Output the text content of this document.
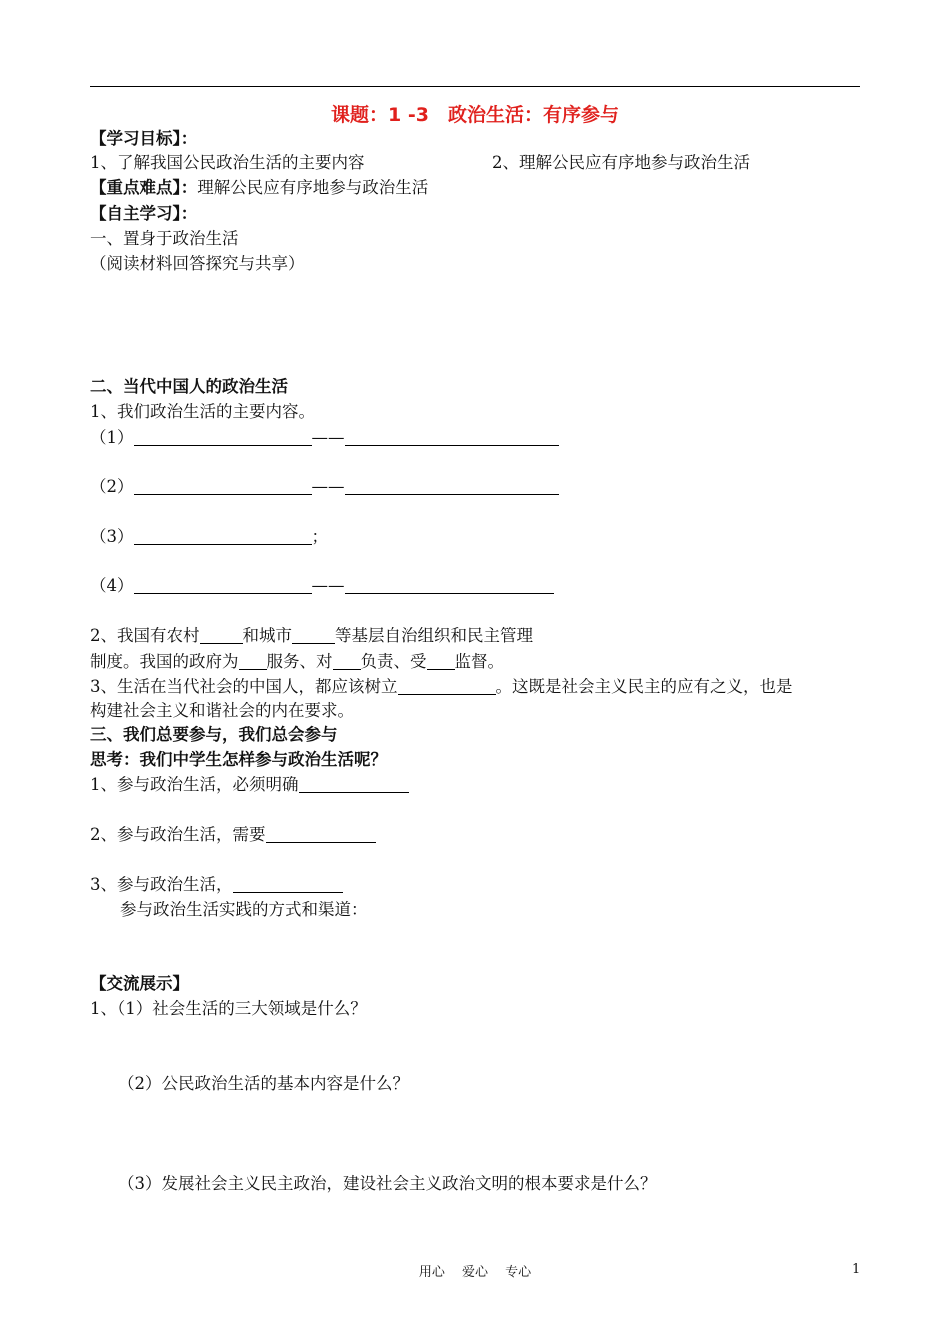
课题：1 -3　政治生活：有序参与
【学习目标】：
1、了解我国公民政治生活的主要内容	2、理解公民应有序地参与政治生活
【重点难点】：理解公民应有序地参与政治生活
【自主学习】：
一、置身于政治生活
（阅读材料回答探究与共享）
二、当代中国人的政治生活
1、我们政治生活的主要内容。
（1）	——
（2）	——
（3）	；
（4）	——
2、我国有农村	和城市	等基层自治组织和民主管理
制度。我国的政府为 服务、对 负责、受 监督。
3、生活在当代社会的中国人，都应该树立	。这既是社会主义民主的应有之义，也是
构建社会主义和谐社会的内在要求。
三、我们总要参与，我们总会参与
思考：我们中学生怎样参与政治生活呢？
1、参与政治生活，必须明确
2、参与政治生活，需要
3、参与政治生活，
参与政治生活实践的方式和渠道：
【交流展示】
1、（1）社会生活的三大领域是什么？
（2）公民政治生活的基本内容是什么？
（3）发展社会主义民主政治，建设社会主义政治文明的根本要求是什么？
用心　 爱心　 专心	1
